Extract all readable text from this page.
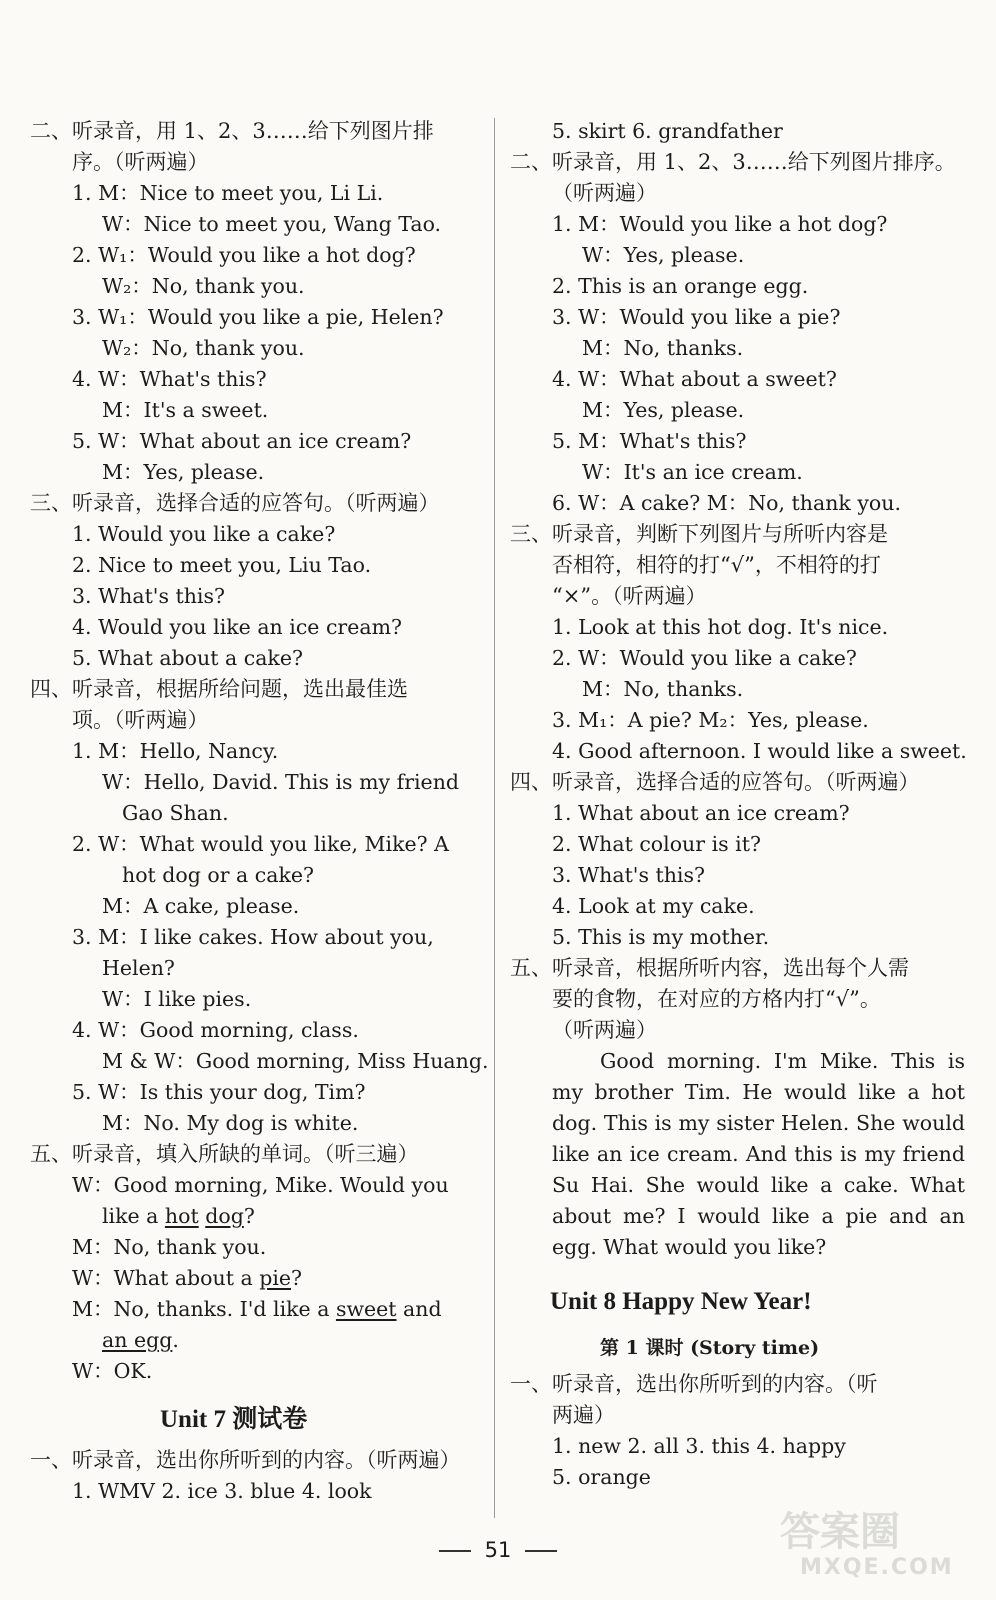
二、听录音，用 1、2、3……给下列图片排
序。（听两遍）
1. M：Nice to meet you, Li Li.
W：Nice to meet you, Wang Tao.
2. W₁：Would you like a hot dog?
W₂：No, thank you.
3. W₁：Would you like a pie, Helen?
W₂：No, thank you.
4. W：What's this?
M：It's a sweet.
5. W：What about an ice cream?
M：Yes, please.
三、听录音，选择合适的应答句。（听两遍）
1. Would you like a cake?
2. Nice to meet you, Liu Tao.
3. What's this?
4. Would you like an ice cream?
5. What about a cake?
四、听录音，根据所给问题，选出最佳选
项。（听两遍）
1. M：Hello, Nancy.
W：Hello, David. This is my friend
Gao Shan.
2. W：What would you like, Mike? A
hot dog or a cake?
M：A cake, please.
3. M：I like cakes. How about you,
Helen?
W：I like pies.
4. W：Good morning, class.
M & W：Good morning, Miss Huang.
5. W：Is this your dog, Tim?
M：No. My dog is white.
五、听录音，填入所缺的单词。（听三遍）
W：Good morning, Mike. Would you
like a hot dog?
M：No, thank you.
W：What about a pie?
M：No, thanks. I'd like a sweet and
an egg.
W：OK.
Unit 7 测试卷
一、听录音，选出你所听到的内容。（听两遍）
1. WMV 2. ice 3. blue 4. look
5. skirt 6. grandfather
二、听录音，用 1、2、3……给下列图片排序。
（听两遍）
1. M：Would you like a hot dog?
W：Yes, please.
2. This is an orange egg.
3. W：Would you like a pie?
M：No, thanks.
4. W：What about a sweet?
M：Yes, please.
5. M：What's this?
W：It's an ice cream.
6. W：A cake? M：No, thank you.
三、听录音，判断下列图片与所听内容是
否相符，相符的打“√”，不相符的打
“×”。（听两遍）
1. Look at this hot dog. It's nice.
2. W：Would you like a cake?
M：No, thanks.
3. M₁：A pie? M₂：Yes, please.
4. Good afternoon. I would like a sweet.
四、听录音，选择合适的应答句。（听两遍）
1. What about an ice cream?
2. What colour is it?
3. What's this?
4. Look at my cake.
5. This is my mother.
五、听录音，根据所听内容，选出每个人需
要的食物，在对应的方格内打“√”。
（听两遍）
Good morning. I'm Mike. This is my brother Tim. He would like a hot dog. This is my sister Helen. She would like an ice cream. And this is my friend Su Hai. She would like a cake. What about me? I would like a pie and an egg. What would you like?
Unit 8 Happy New Year!
第 1 课时 (Story time)
一、听录音，选出你所听到的内容。（听
两遍）
1. new 2. all 3. this 4. happy
5. orange
51	答案圈
MXQE.COM
